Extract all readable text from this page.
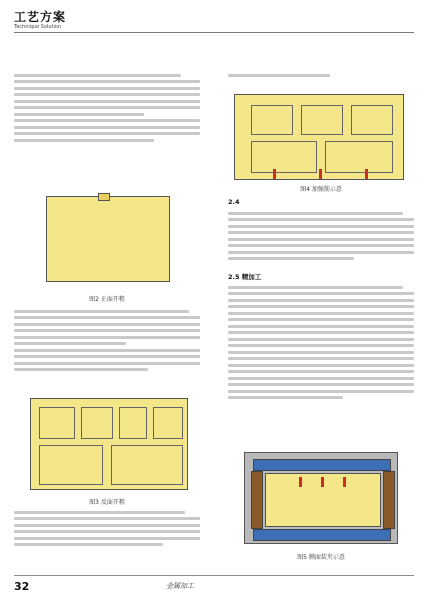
工艺方案
Technique Solution
图2 正面开粗
图3 反面开粗
图4 加强筋示意
2.4
2.5 精加工
图5 侧面装夹示意
32	金属加工
